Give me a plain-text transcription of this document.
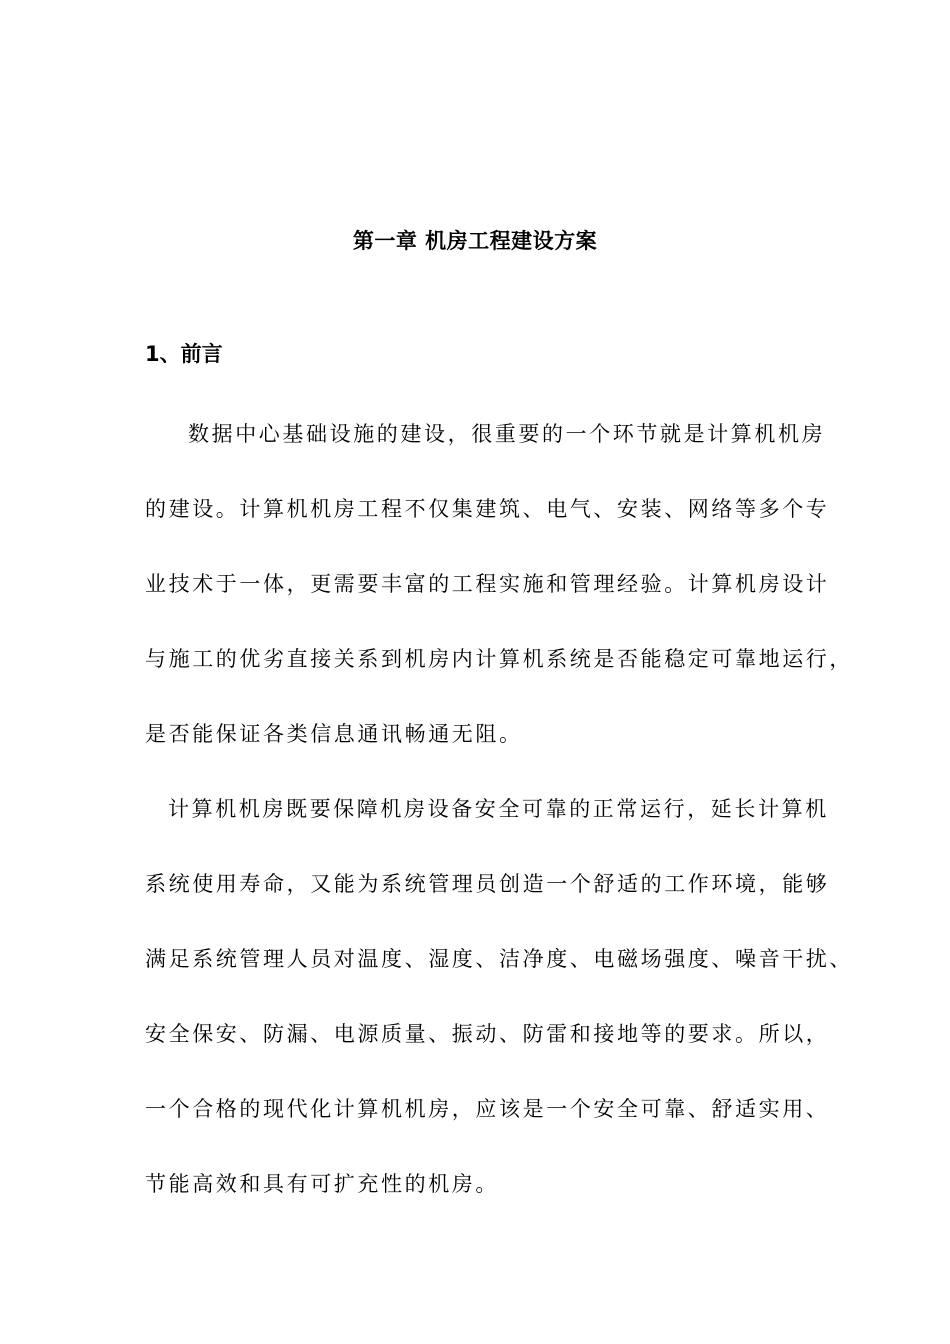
第一章 机房工程建设方案
1、前言
数据中心基础设施的建设，很重要的一个环节就是计算机机房
的建设。计算机机房工程不仅集建筑、电气、安装、网络等多个专
业技术于一体，更需要丰富的工程实施和管理经验。计算机房设计
与施工的优劣直接关系到机房内计算机系统是否能稳定可靠地运行，
是否能保证各类信息通讯畅通无阻。
计算机机房既要保障机房设备安全可靠的正常运行，延长计算机
系统使用寿命，又能为系统管理员创造一个舒适的工作环境，能够
满足系统管理人员对温度、湿度、洁净度、电磁场强度、噪音干扰、
安全保安、防漏、电源质量、振动、防雷和接地等的要求。所以，
一个合格的现代化计算机机房，应该是一个安全可靠、舒适实用、
节能高效和具有可扩充性的机房。
